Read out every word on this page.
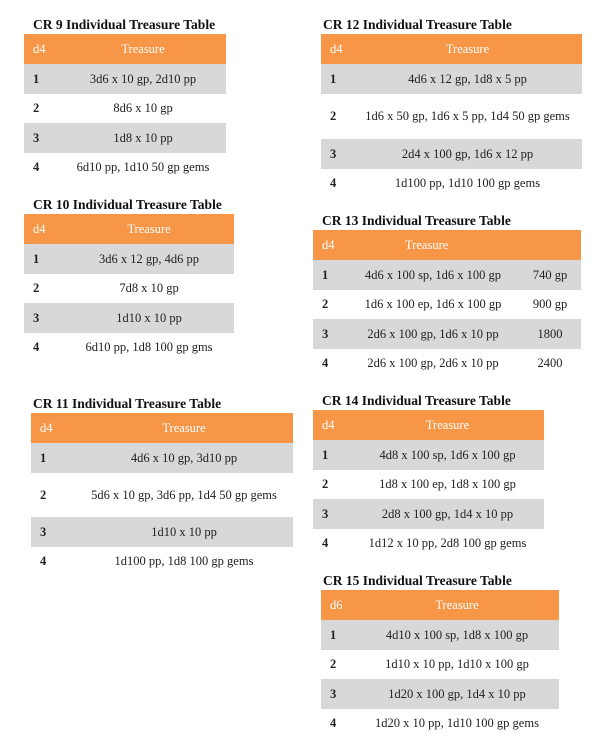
CR 9 Individual Treasure Table
d4	Treasure
1	3d6 x 10 gp, 2d10 pp
2	8d6 x 10 gp
3	1d8 x 10 pp
4	6d10 pp, 1d10 50 gp gems
CR 10 Individual Treasure Table
d4	Treasure
1	3d6 x 12 gp, 4d6 pp
2	7d8 x 10 gp
3	1d10 x 10 pp
4	6d10 pp, 1d8 100 gp gms
CR 11 Individual Treasure Table
d4	Treasure
1	4d6 x 10 gp, 3d10 pp
2	5d6 x 10 gp, 3d6 pp, 1d4 50 gp gems
3	1d10 x 10 pp
4	1d100 pp, 1d8 100 gp gems
CR 12 Individual Treasure Table
d4	Treasure
1	4d6 x 12 gp, 1d8 x 5 pp
2	1d6 x 50 gp, 1d6 x 5 pp, 1d4 50 gp gems
3	2d4 x 100 gp, 1d6 x 12 pp
4	1d100 pp, 1d10 100 gp gems
CR 13 Individual Treasure Table
d4	Treasure	
1	4d6 x 100 sp, 1d6 x 100 gp	740 gp
2	1d6 x 100 ep, 1d6 x 100 gp	900 gp
3	2d6 x 100 gp, 1d6 x 10 pp	1800
4	2d6 x 100 gp, 2d6 x 10 pp	2400
CR 14 Individual Treasure Table
d4	Treasure
1	4d8 x 100 sp, 1d6 x 100 gp
2	1d8 x 100 ep, 1d8 x 100 gp
3	2d8 x 100 gp, 1d4 x 10 pp
4	1d12 x 10 pp, 2d8 100 gp gems
CR 15 Individual Treasure Table
d6	Treasure
1	4d10 x 100 sp, 1d8 x 100 gp
2	1d10 x 10 pp, 1d10 x 100 gp
3	1d20 x 100 gp, 1d4 x 10 pp
4	1d20 x 10 pp, 1d10 100 gp gems
